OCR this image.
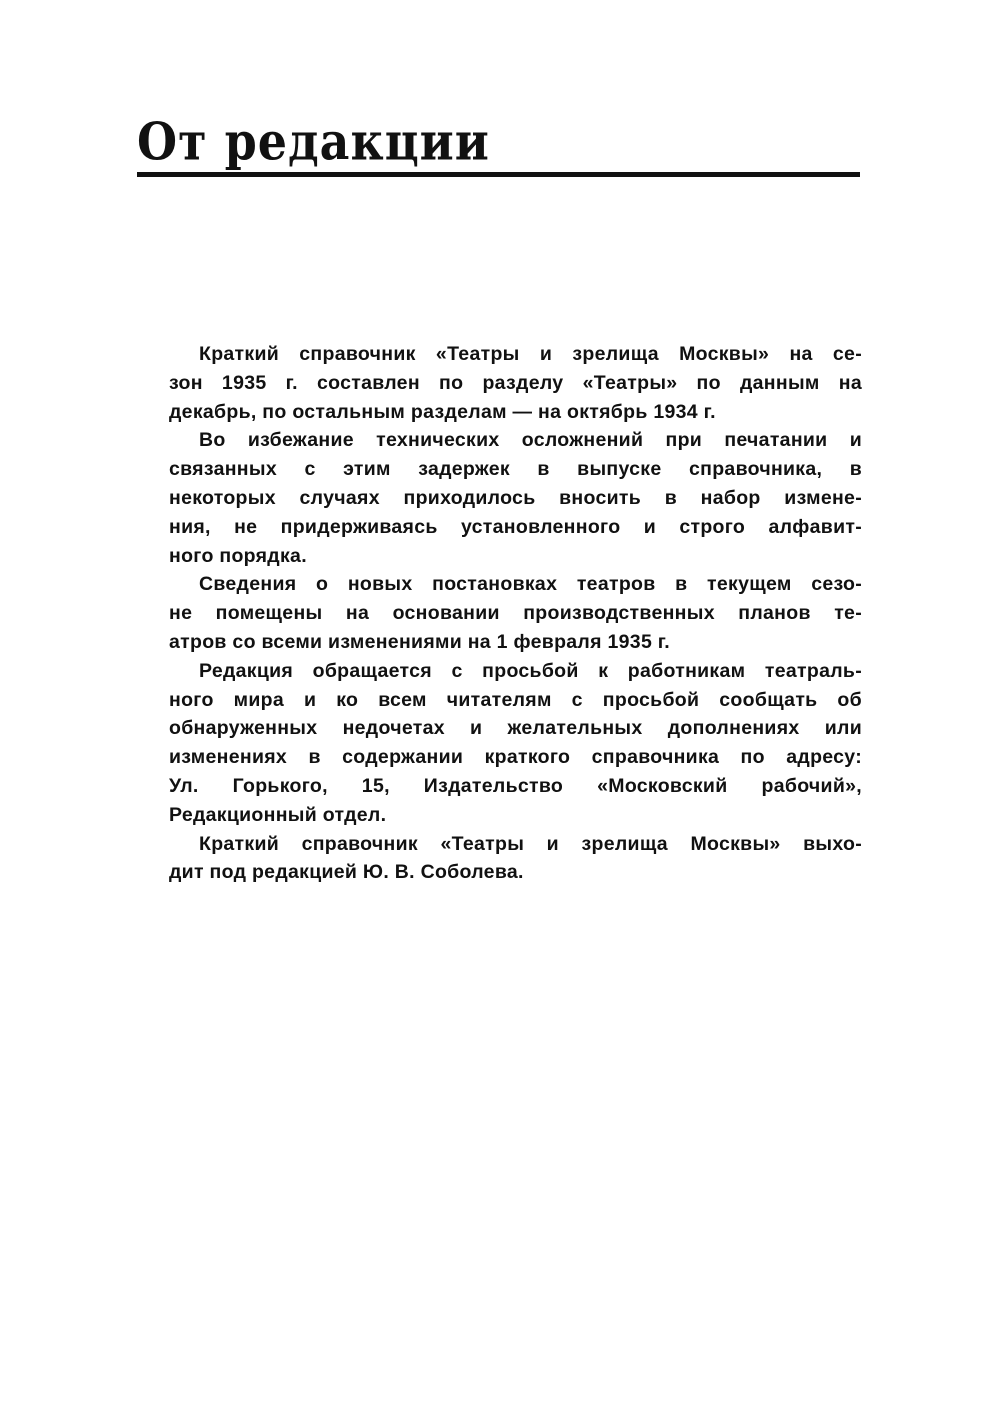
От редакции

Краткий справочник «Театры и зрелища Москвы» на се-
зон 1935 г. составлен по разделу «Театры» по данным на
декабрь, по остальным разделам — на октябрь 1934 г.

Во избежание технических осложнений при печатании и
связанных с этим задержек в выпуске справочника, в
некоторых случаях приходилось вносить в набор измене-
ния, не придерживаясь установленного и строго алфавит-
ного порядка.

Сведения о новых постановках театров в текущем сезо-
не помещены на основании производственных планов те-
атров со всеми изменениями на 1 февраля 1935 г.

Редакция обращается с просьбой к работникам театраль-
ного мира и ко всем читателям с просьбой сообщать об
обнаруженных недочетах и желательных дополнениях или
изменениях в содержании краткого справочника по адресу:
Ул. Горького, 15, Издательство «Московский рабочий»,
Редакционный отдел.

Краткий справочник «Театры и зрелища Москвы» выхо-
дит под редакцией Ю. В. Соболева.
